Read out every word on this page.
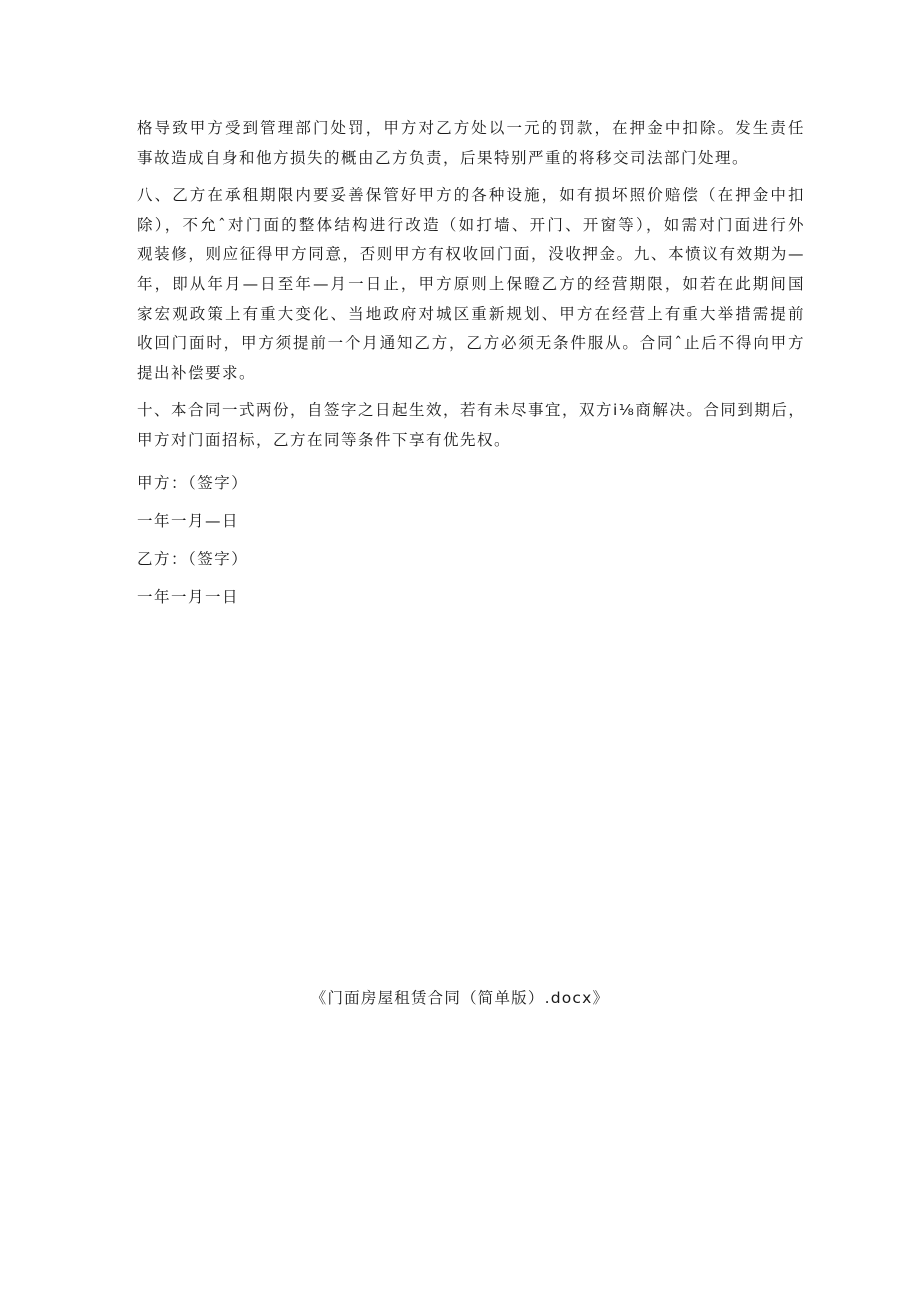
格导致甲方受到管理部门处罚，甲方对乙方处以一元的罚款，在押金中扣除。发生责任
事故造成自身和他方损失的概由乙方负责，后果特别严重的将移交司法部门处理。

八、乙方在承租期限内要妥善保管好甲方的各种设施，如有损坏照价赔偿（在押金中扣
除），不允ˆ对门面的整体结构进行改造（如打墙、开门、开窗等），如需对门面进行外
观装修，则应征得甲方同意，否则甲方有权收回门面，没收押金。九、本愤议有效期为—
年，即从年月—日至年—月一日止，甲方原则上保瞪乙方的经营期限，如若在此期间国
家宏观政策上有重大变化、当地政府对城区重新规划、甲方在经营上有重大举措需提前
收回门面时，甲方须提前一个月通知乙方，乙方必须无条件服从。合同ˆ止后不得向甲方
提出补偿要求。

十、本合同一式两份，自签字之日起生效，若有未尽事宜，双方i⅛商解决。合同到期后，
甲方对门面招标，乙方在同等条件下享有优先权。

甲方：（签字）

一年一月—日

乙方：（签字）

一年一月一日

《门面房屋租赁合同（简单版）.docx》
